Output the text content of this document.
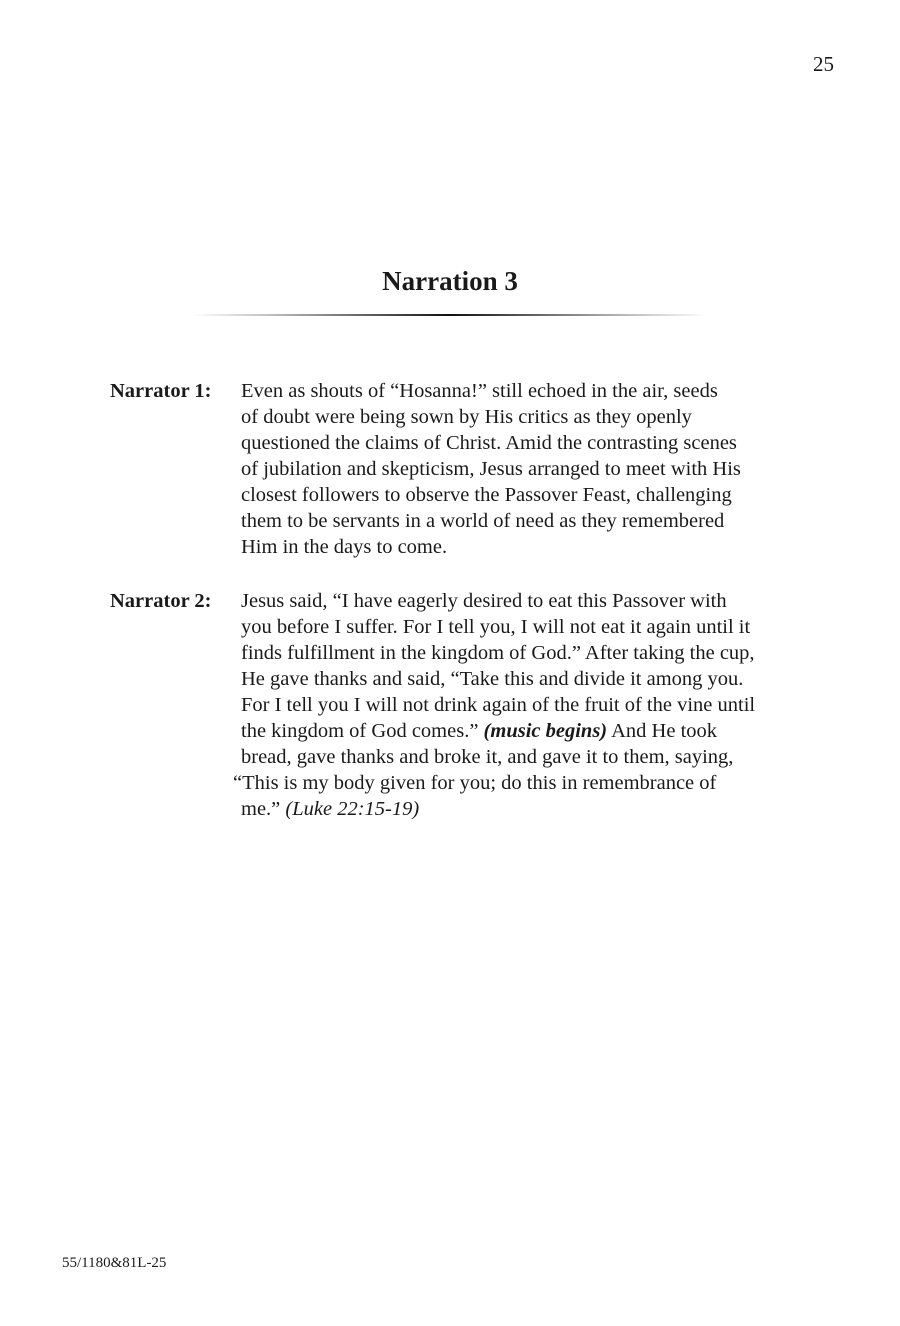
25
Narration 3
Narrator 1: Even as shouts of “Hosanna!” still echoed in the air, seeds
of doubt were being sown by His critics as they openly
questioned the claims of Christ. Amid the contrasting scenes
of jubilation and skepticism, Jesus arranged to meet with His
closest followers to observe the Passover Feast, challenging
them to be servants in a world of need as they remembered
Him in the days to come.
Narrator 2: Jesus said, “I have eagerly desired to eat this Passover with
you before I suffer. For I tell you, I will not eat it again until it
finds fulfillment in the kingdom of God.” After taking the cup,
He gave thanks and said, “Take this and divide it among you.
For I tell you I will not drink again of the fruit of the vine until
the kingdom of God comes.” (music begins) And He took
bread, gave thanks and broke it, and gave it to them, saying,
“This is my body given for you; do this in remembrance of
me.” (Luke 22:15-19)
55/1180&81L-25
